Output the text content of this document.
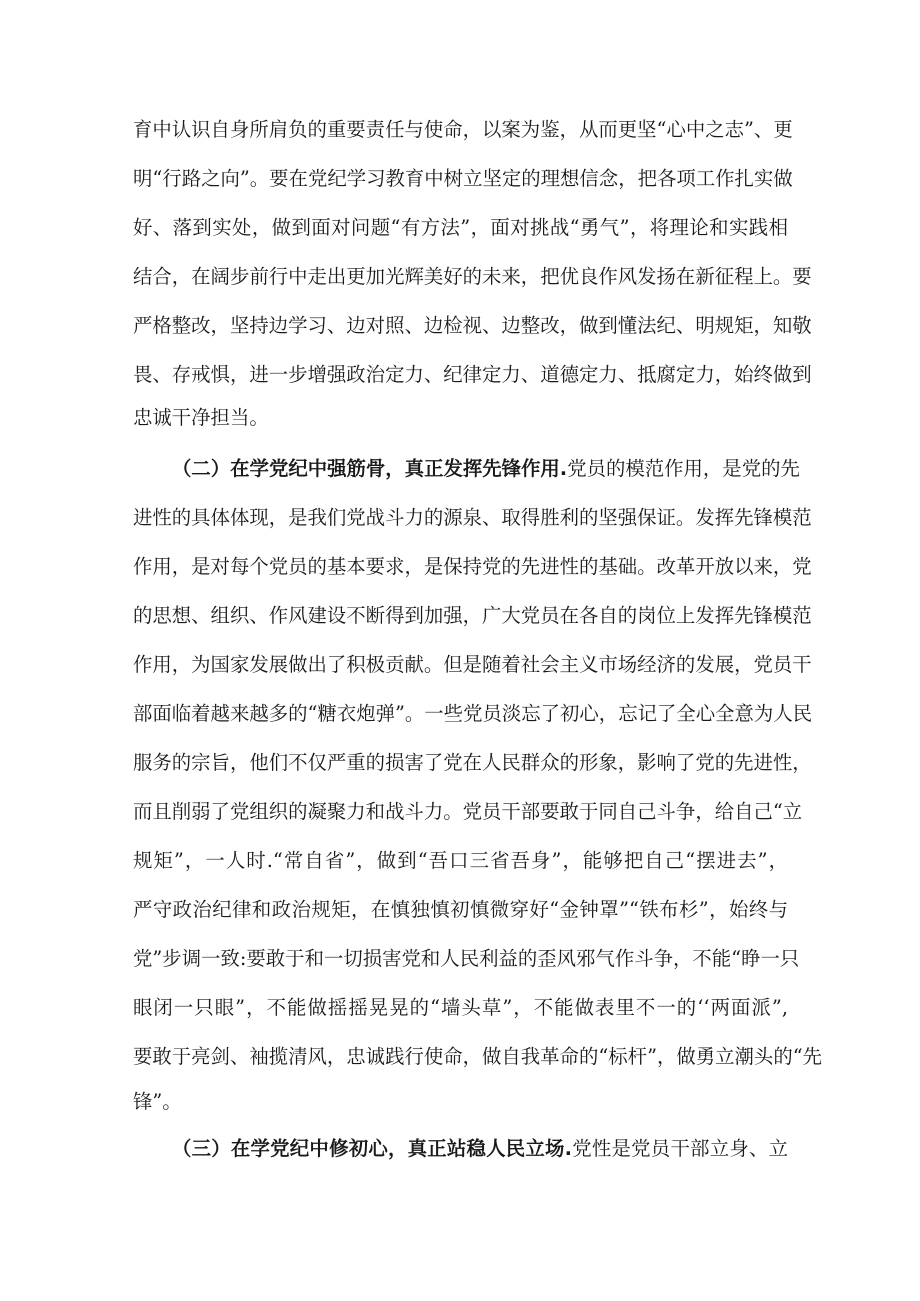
育中认识自身所肩负的重要责任与使命，以案为鉴，从而更坚“心中之志”、更
明“行路之向”。要在党纪学习教育中树立坚定的理想信念，把各项工作扎实做
好、落到实处，做到面对问题“有方法”，面对挑战“勇气”，将理论和实践相
结合，在阔步前行中走出更加光辉美好的未来，把优良作风发扬在新征程上。要
严格整改，坚持边学习、边对照、边检视、边整改，做到懂法纪、明规矩，知敬
畏、存戒惧，进一步增强政治定力、纪律定力、道德定力、抵腐定力，始终做到
忠诚干净担当。
（二）在学党纪中强筋骨，真正发挥先锋作用.党员的模范作用，是党的先
进性的具体体现，是我们党战斗力的源泉、取得胜利的坚强保证。发挥先锋模范
作用，是对每个党员的基本要求，是保持党的先进性的基础。改革开放以来，党
的思想、组织、作风建设不断得到加强，广大党员在各自的岗位上发挥先锋模范
作用，为国家发展做出了积极贡献。但是随着社会主义市场经济的发展，党员干
部面临着越来越多的“糖衣炮弹”。一些党员淡忘了初心，忘记了全心全意为人民
服务的宗旨，他们不仅严重的损害了党在人民群众的形象，影响了党的先进性，
而且削弱了党组织的凝聚力和战斗力。党员干部要敢于同自己斗争，给自己“立
规矩”，一人时.“常自省”，做到“吾口三省吾身”，能够把自己“摆进去”，
严守政治纪律和政治规矩，在慎独慎初慎微穿好“金钟罩”“铁布杉”，始终与
党”步调一致:要敢于和一切损害党和人民利益的歪风邪气作斗争，不能“睁一只
眼闭一只眼”，不能做摇摇晃晃的“墙头草”，不能做表里不一的‘‘两面派”,
要敢于亮剑、袖揽清风，忠诚践行使命，做自我革命的“标杆”，做勇立潮头的“先
锋”。
（三）在学党纪中修初心，真正站稳人民立场.党性是党员干部立身、立
